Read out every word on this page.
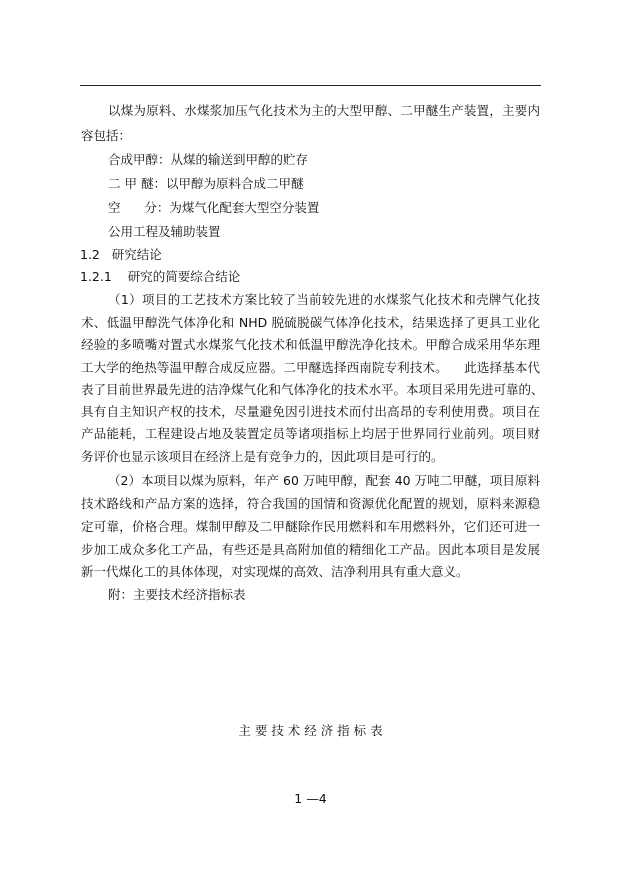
以煤为原料、水煤浆加压气化技术为主的大型甲醇、二甲醚生产装置，主要内
容包括：
合成甲醇：从煤的输送到甲醇的贮存
二 甲 醚：以甲醇为原料合成二甲醚
空      分：为煤气化配套大型空分装置
公用工程及辅助装置
1.2   研究结论
1.2.1    研究的简要综合结论
（1）项目的工艺技术方案比较了当前较先进的水煤浆气化技术和壳牌气化技
术、低温甲醇洗气体净化和 NHD 脱硫脱碳气体净化技术，结果选择了更具工业化
经验的多喷嘴对置式水煤浆气化技术和低温甲醇洗净化技术。甲醇合成采用华东理
工大学的绝热等温甲醇合成反应器。二甲醚选择西南院专利技术。    此选择基本代
表了目前世界最先进的洁净煤气化和气体净化的技术水平。本项目采用先进可靠的、
具有自主知识产权的技术，尽量避免因引进技术而付出高昂的专利使用费。项目在
产品能耗，工程建设占地及装置定员等诸项指标上均居于世界同行业前列。项目财
务评价也显示该项目在经济上是有竞争力的，因此项目是可行的。
（2）本项目以煤为原料，年产 60 万吨甲醇，配套 40 万吨二甲醚，项目原料
技术路线和产品方案的选择，符合我国的国情和资源优化配置的规划，原料来源稳
定可靠，价格合理。煤制甲醇及二甲醚除作民用燃料和车用燃料外，它们还可进一
步加工成众多化工产品，有些还是具高附加值的精细化工产品。因此本项目是发展
新一代煤化工的具体体现，对实现煤的高效、洁净利用具有重大意义。
附：主要技术经济指标表
主 要 技 术 经 济 指 标 表
1 —4
